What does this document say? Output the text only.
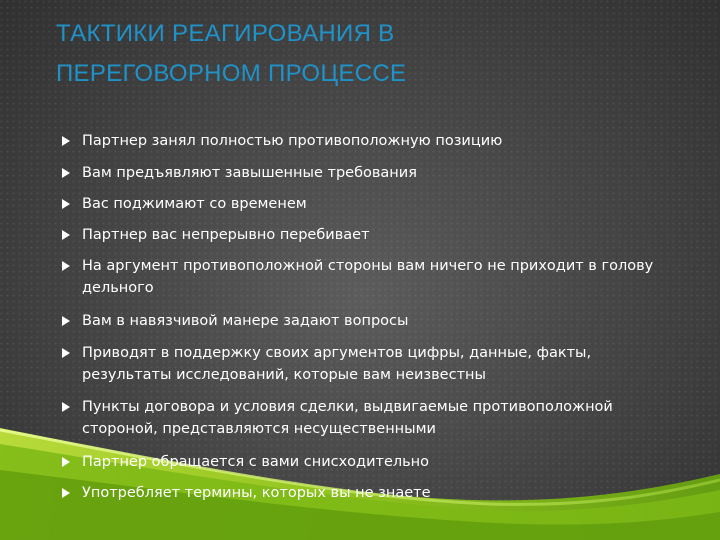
ТАКТИКИ РЕАГИРОВАНИЯ В
ПЕРЕГОВОРНОМ ПРОЦЕССЕ
Партнер занял полностью противоположную позицию
Вам предъявляют завышенные требования
Вас поджимают со временем
Партнер вас непрерывно перебивает
На аргумент противоположной стороны вам ничего не приходит в голову дельного
Вам в навязчивой манере задают вопросы
Приводят в поддержку своих аргументов цифры, данные, факты, результаты исследований, которые вам неизвестны
Пункты договора и условия сделки, выдвигаемые противоположной стороной, представляются несущественными
Партнер обращается с вами снисходительно
Употребляет термины, которых вы не знаете
